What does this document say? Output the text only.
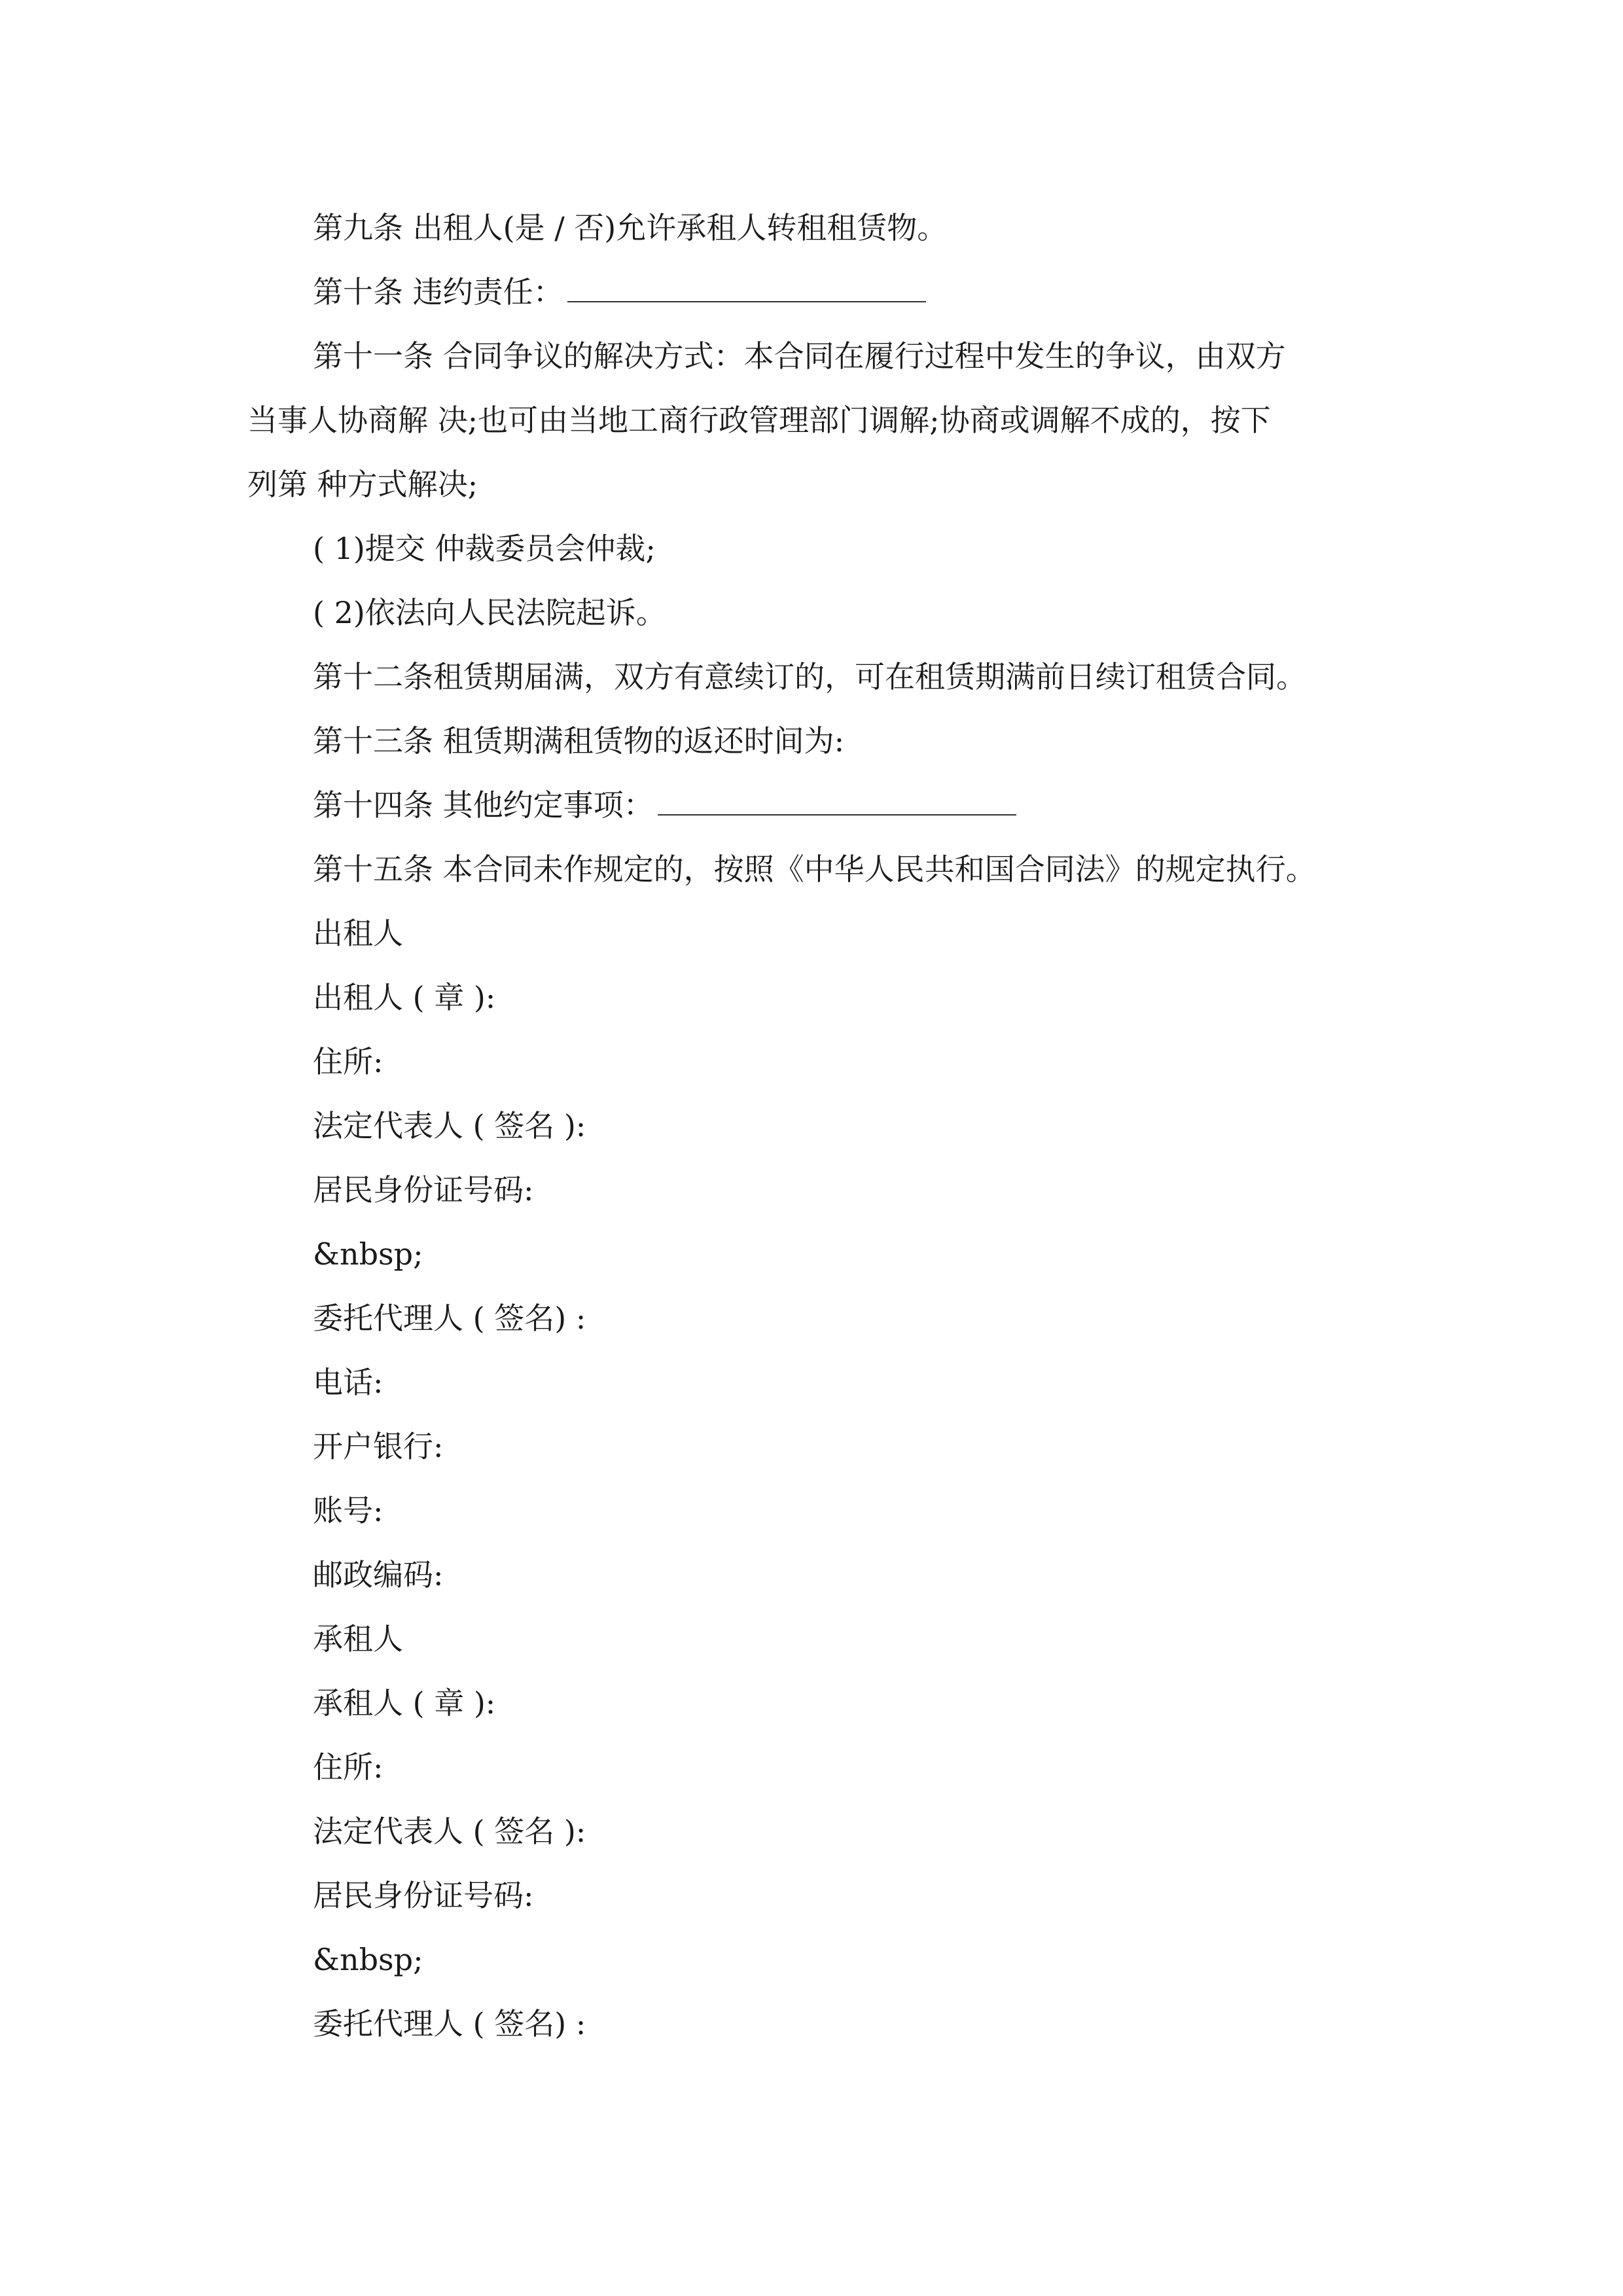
第九条 出租人(是 / 否)允许承租人转租租赁物。
第十条 违约责任：
第十一条 合同争议的解决方式：本合同在履行过程中发生的争议，由双方
当事人协商解 决;也可由当地工商行政管理部门调解;协商或调解不成的，按下
列第 种方式解决;
( 1)提交 仲裁委员会仲裁;
( 2)依法向人民法院起诉。
第十二条租赁期届满，双方有意续订的，可在租赁期满前日续订租赁合同。
第十三条 租赁期满租赁物的返还时间为:
第十四条 其他约定事项：
第十五条 本合同未作规定的，按照《中华人民共和国合同法》的规定执行。
出租人
出租人 ( 章 ):
住所:
法定代表人 ( 签名 ):
居民身份证号码:
&nbsp;
委托代理人 ( 签名) :
电话:
开户银行:
账号:
邮政编码:
承租人
承租人 ( 章 ):
住所:
法定代表人 ( 签名 ):
居民身份证号码:
&nbsp;
委托代理人 ( 签名) :
